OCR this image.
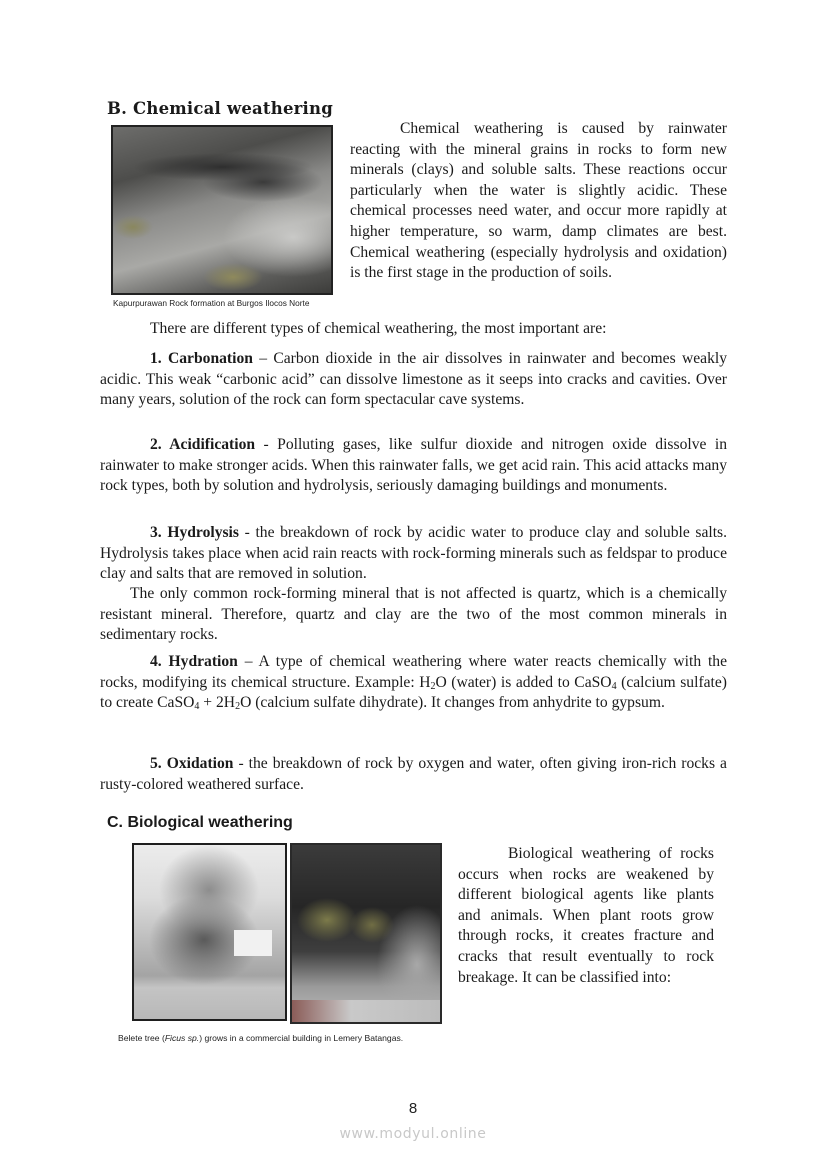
B. Chemical weathering
Kapurpurawan Rock formation at Burgos Ilocos Norte
Chemical weathering is caused by rainwater reacting with the mineral grains in rocks to form new minerals (clays) and soluble salts. These reactions occur particularly when the water is slightly acidic. These chemical processes need water, and occur more rapidly at higher temperature, so warm, damp climates are best. Chemical weathering (especially hydrolysis and oxidation) is the first stage in the production of soils.
There are different types of chemical weathering, the most important are:
1. Carbonation – Carbon dioxide in the air dissolves in rainwater and becomes weakly acidic. This weak “carbonic acid” can dissolve limestone as it seeps into cracks and cavities. Over many years, solution of the rock can form spectacular cave systems.
2. Acidification - Polluting gases, like sulfur dioxide and nitrogen oxide dissolve in rainwater to make stronger acids. When this rainwater falls, we get acid rain. This acid attacks many rock types, both by solution and hydrolysis, seriously damaging buildings and monuments.
3. Hydrolysis - the breakdown of rock by acidic water to produce clay and soluble salts. Hydrolysis takes place when acid rain reacts with rock-forming minerals such as feldspar to produce clay and salts that are removed in solution.
The only common rock-forming mineral that is not affected is quartz, which is a chemically resistant mineral. Therefore, quartz and clay are the two of the most common minerals in sedimentary rocks.
4. Hydration – A type of chemical weathering where water reacts chemically with the rocks, modifying its chemical structure. Example: $H_2O$ (water) is added to CaSO$_4$ (calcium sulfate) to create CaSO$_4$ + $2H_2O$ (calcium sulfate dihydrate). It changes from anhydrite to gypsum.
5. Oxidation - the breakdown of rock by oxygen and water, often giving iron-rich rocks a rusty-colored weathered surface.
C. Biological weathering
Belete tree (Ficus sp.) grows in a commercial building in Lemery Batangas.
Biological weathering of rocks occurs when rocks are weakened by different biological agents like plants and animals. When plant roots grow through rocks, it creates fracture and cracks that result eventually to rock breakage. It can be classified into:
8
www.modyul.online
